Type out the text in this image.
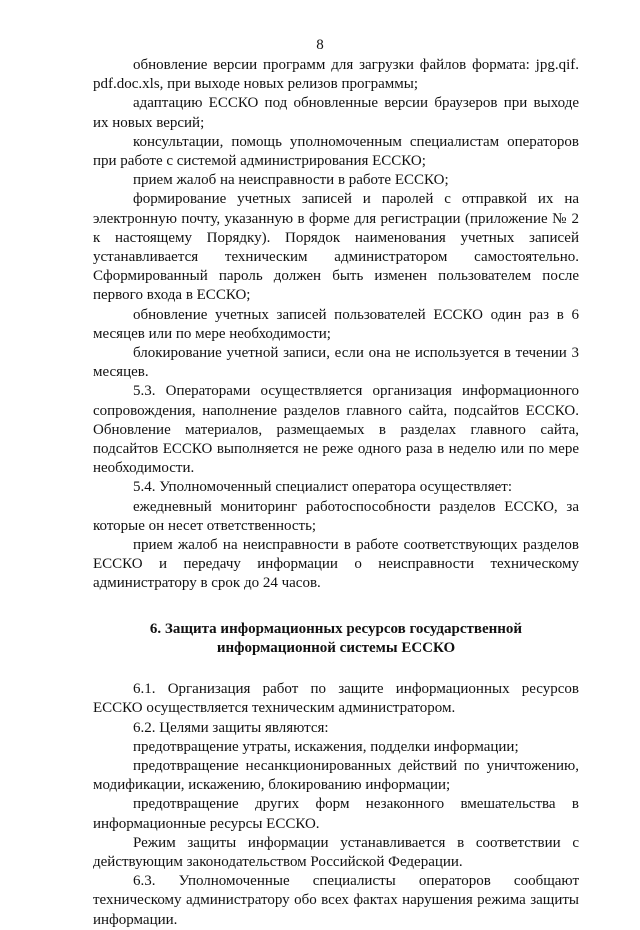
8

обновление версии программ для загрузки файлов формата: jpg.qif. pdf.doc.xls, при выходе новых релизов программы;

адаптацию ЕССКО под обновленные версии браузеров при выходе их новых версий;

консультации, помощь уполномоченным специалистам операторов при работе с системой администрирования ЕССКО;

прием жалоб на неисправности в работе ЕССКО;

формирование учетных записей и паролей с отправкой их на электронную почту, указанную в форме для регистрации (приложение № 2 к настоящему Порядку). Порядок наименования учетных записей устанавливается техническим администратором самостоятельно. Сформированный пароль должен быть изменен пользователем после первого входа в ЕССКО;

обновление учетных записей пользователей ЕССКО один раз в 6 месяцев или по мере необходимости;

блокирование учетной записи, если она не используется в течении 3 месяцев.

5.3. Операторами осуществляется организация информационного сопровождения, наполнение разделов главного сайта, подсайтов ЕССКО. Обновление материалов, размещаемых в разделах главного сайта, подсайтов ЕССКО выполняется не реже одного раза в неделю или по мере необходимости.

5.4. Уполномоченный специалист оператора осуществляет:

ежедневный мониторинг работоспособности разделов ЕССКО, за которые он несет ответственность;

прием жалоб на неисправности в работе соответствующих разделов ЕССКО и передачу информации о неисправности техническому администратору в срок до 24 часов.

6. Защита информационных ресурсов государственной информационной системы ЕССКО

6.1. Организация работ по защите информационных ресурсов ЕССКО осуществляется техническим администратором.

6.2. Целями защиты являются:

предотвращение утраты, искажения, подделки информации;

предотвращение несанкционированных действий по уничтожению, модификации, искажению, блокированию информации;

предотвращение других форм незаконного вмешательства в информационные ресурсы ЕССКО.

Режим защиты информации устанавливается в соответствии с действующим законодательством Российской Федерации.

6.3. Уполномоченные специалисты операторов сообщают техническому администратору обо всех фактах нарушения режима защиты информации.
